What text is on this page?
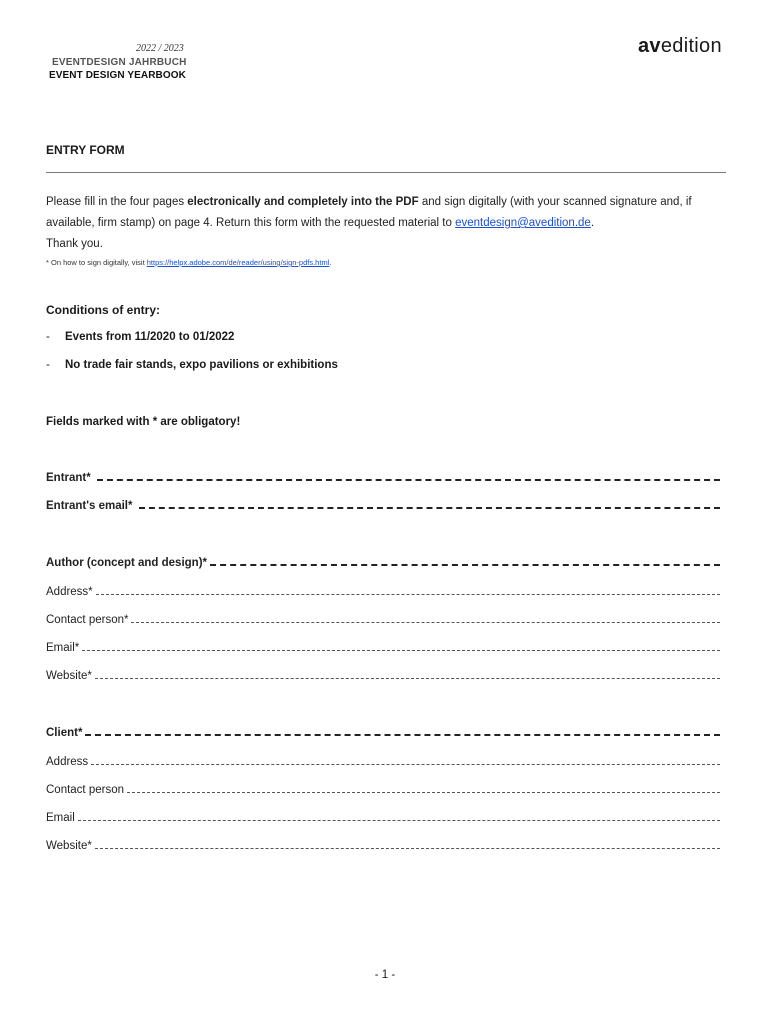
2022 / 2023
EVENTDESIGN JAHRBUCH
EVENT DESIGN YEARBOOK
avedition
ENTRY FORM
Please fill in the four pages electronically and completely into the PDF and sign digitally (with your scanned signature and, if available, firm stamp) on page 4. Return this form with the requested material to eventdesign@avedition.de.
Thank you.
* On how to sign digitally, visit https://helpx.adobe.com/de/reader/using/sign-pdfs.html.
Conditions of entry:
- Events from 11/2020 to 01/2022
- No trade fair stands, expo pavilions or exhibitions
Fields marked with * are obligatory!
Entrant*
Entrant's email*
Author (concept and design)*
Address*
Contact person*
Email*
Website*
Client*
Address
Contact person
Email
Website*
- 1 -
